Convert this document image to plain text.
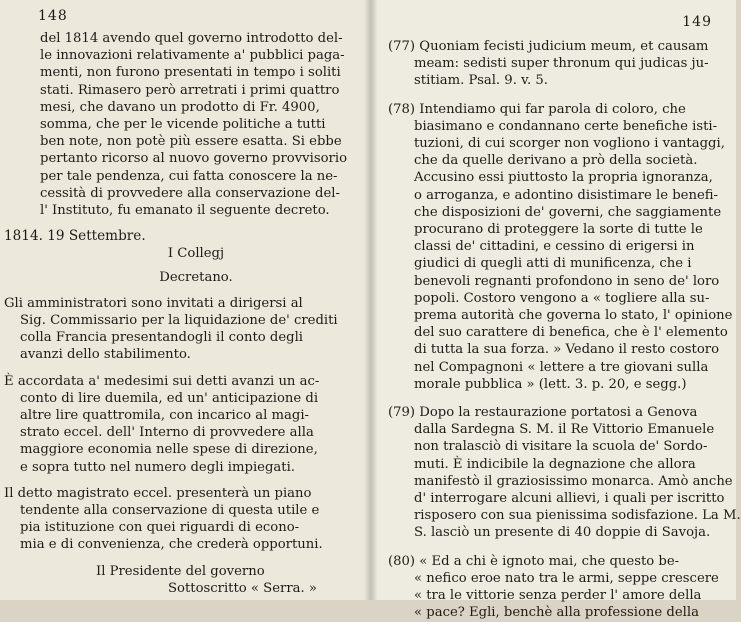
148
del 1814 avendo quel governo introdotto del-
le innovazioni relativamente a' pubblici paga-
menti, non furono presentati in tempo i soliti
stati. Rimasero però arretrati i primi quattro
mesi, che davano un prodotto di Fr. 4900,
somma, che per le vicende politiche a tutti
ben note, non potè più essere esatta. Si ebbe
pertanto ricorso al nuovo governo provvisorio
per tale pendenza, cui fatta conoscere la ne-
cessità di provvedere alla conservazione del-
l' Instituto, fu emanato il seguente decreto.
1814. 19 Settembre.
I Collegj
Decretano.
Gli amministratori sono invitati a dirigersi al
Sig. Commissario per la liquidazione de' crediti
colla Francia presentandogli il conto degli
avanzi dello stabilimento.
È accordata a' medesimi sui detti avanzi un ac-
conto di lire duemila, ed un' anticipazione di
altre lire quattromila, con incarico al magi-
strato eccel. dell' Interno di provvedere alla
maggiore economia nelle spese di direzione,
e sopra tutto nel numero degli impiegati.
Il detto magistrato eccel. presenterà un piano
tendente alla conservazione di questa utile e
pia istituzione con quei riguardi di econo-
mia e di convenienza, che crederà opportuni.
Il Presidente del governo
Sottoscritto « Serra. »
149
(77) Quoniam fecisti judicium meum, et causam
meam: sedisti super thronum qui judicas ju-
stitiam. Psal. 9. v. 5.
(78) Intendiamo qui far parola di coloro, che
biasimano e condannano certe benefiche isti-
tuzioni, di cui scorger non vogliono i vantaggi,
che da quelle derivano a prò della società.
Accusino essi piuttosto la propria ignoranza,
o arroganza, e adontino disistimare le benefi-
che disposizioni de' governi, che saggiamente
procurano di proteggere la sorte di tutte le
classi de' cittadini, e cessino di erigersi in
giudici di quegli atti di munificenza, che i
benevoli regnanti profondono in seno de' loro
popoli. Costoro vengono a « togliere alla su-
prema autorità che governa lo stato, l' opinione
del suo carattere di benefica, che è l' elemento
di tutta la sua forza. » Vedano il resto costoro
nel Compagnoni « lettere a tre giovani sulla
morale pubblica » (lett. 3. p. 20, e segg.)
(79) Dopo la restaurazione portatosi a Genova
dalla Sardegna S. M. il Re Vittorio Emanuele
non tralasciò di visitare la scuola de' Sordo-
muti. È indicibile la degnazione che allora
manifestò il graziosissimo monarca. Amò anche
d' interrogare alcuni allievi, i quali per iscritto
risposero con sua pienissima sodisfazione. La M.
S. lasciò un presente di 40 doppie di Savoja.
(80) « Ed a chi è ignoto mai, che questo be-
« nefico eroe nato tra le armi, seppe crescere
« tra le vittorie senza perder l' amore della
« pace? Egli, benchè alla professione della
